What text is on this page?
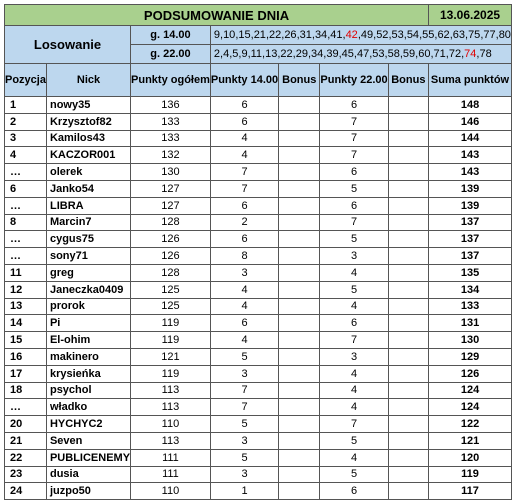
PODSUMOWANIE DNIA							13.06.2025
Losowanie		g. 14.00	9,10,15,21,22,26,31,34,41,42,49,52,53,54,55,62,63,75,77,80				
		g. 22.00	2,4,5,9,11,13,22,29,34,39,45,47,53,58,59,60,71,72,74,78				
Pozycja	Nick	Punkty ogółem	Punkty 14.00	Bonus	Punkty 22.00	Bonus	Suma punktów
1	nowy35	136	6		6		148
2	Krzysztof82	133	6		7		146
3	Kamilos43	133	4		7		144
4	KACZOR001	132	4		7		143
…	olerek	130	7		6		143
6	Janko54	127	7		5		139
…	LIBRA	127	6		6		139
8	Marcin7	128	2		7		137
…	cygus75	126	6		5		137
…	sony71	126	8		3		137
11	greg	128	3		4		135
12	Janeczka0409	125	4		5		134
13	prorok	125	4		4		133
14	Pi	119	6		6		131
15	El-ohim	119	4		7		130
16	makinero	121	5		3		129
17	krysieńka	119	3		4		126
18	psychol	113	7		4		124
…	władko	113	7		4		124
20	HYCHYC2	110	5		7		122
21	Seven	113	3		5		121
22	PUBLICENEMY	111	5		4		120
23	dusia	111	3		5		119
24	juzpo50	110	1		6		117
